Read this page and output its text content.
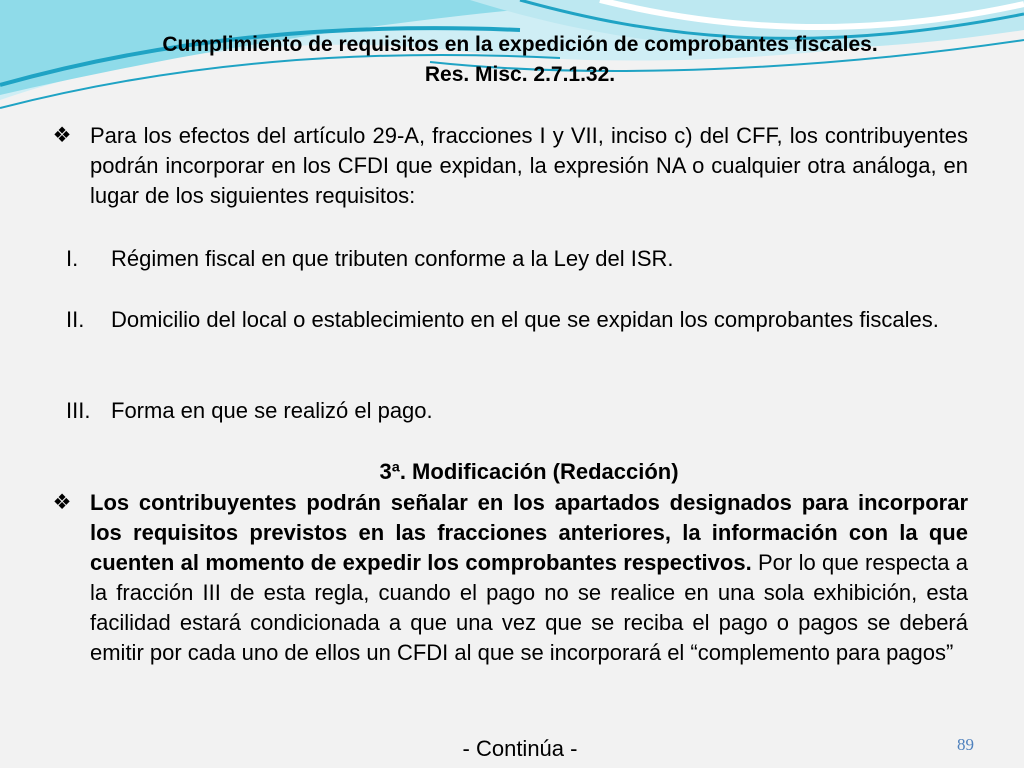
Cumplimiento de requisitos en la expedición de comprobantes fiscales.
Res. Misc. 2.7.1.32.
❖ Para los efectos del artículo 29-A, fracciones I y VII, inciso c) del CFF, los contribuyentes podrán incorporar en los CFDI que expidan, la expresión NA o cualquier otra análoga, en lugar de los siguientes requisitos:
I.	Régimen fiscal en que tributen conforme a la Ley del ISR.
II.	Domicilio del local o establecimiento en el que se expidan los comprobantes fiscales.
III. Forma en que se realizó el pago.
3ª. Modificación (Redacción)
❖ Los contribuyentes podrán señalar en los apartados designados para incorporar los requisitos previstos en las fracciones anteriores, la información con la que cuenten al momento de expedir los comprobantes respectivos. Por lo que respecta a la fracción III de esta regla, cuando el pago no se realice en una sola exhibición, esta facilidad estará condicionada a que una vez que se reciba el pago o pagos se deberá emitir por cada uno de ellos un CFDI al que se incorporará el “complemento para pagos”
- Continúa -	89
